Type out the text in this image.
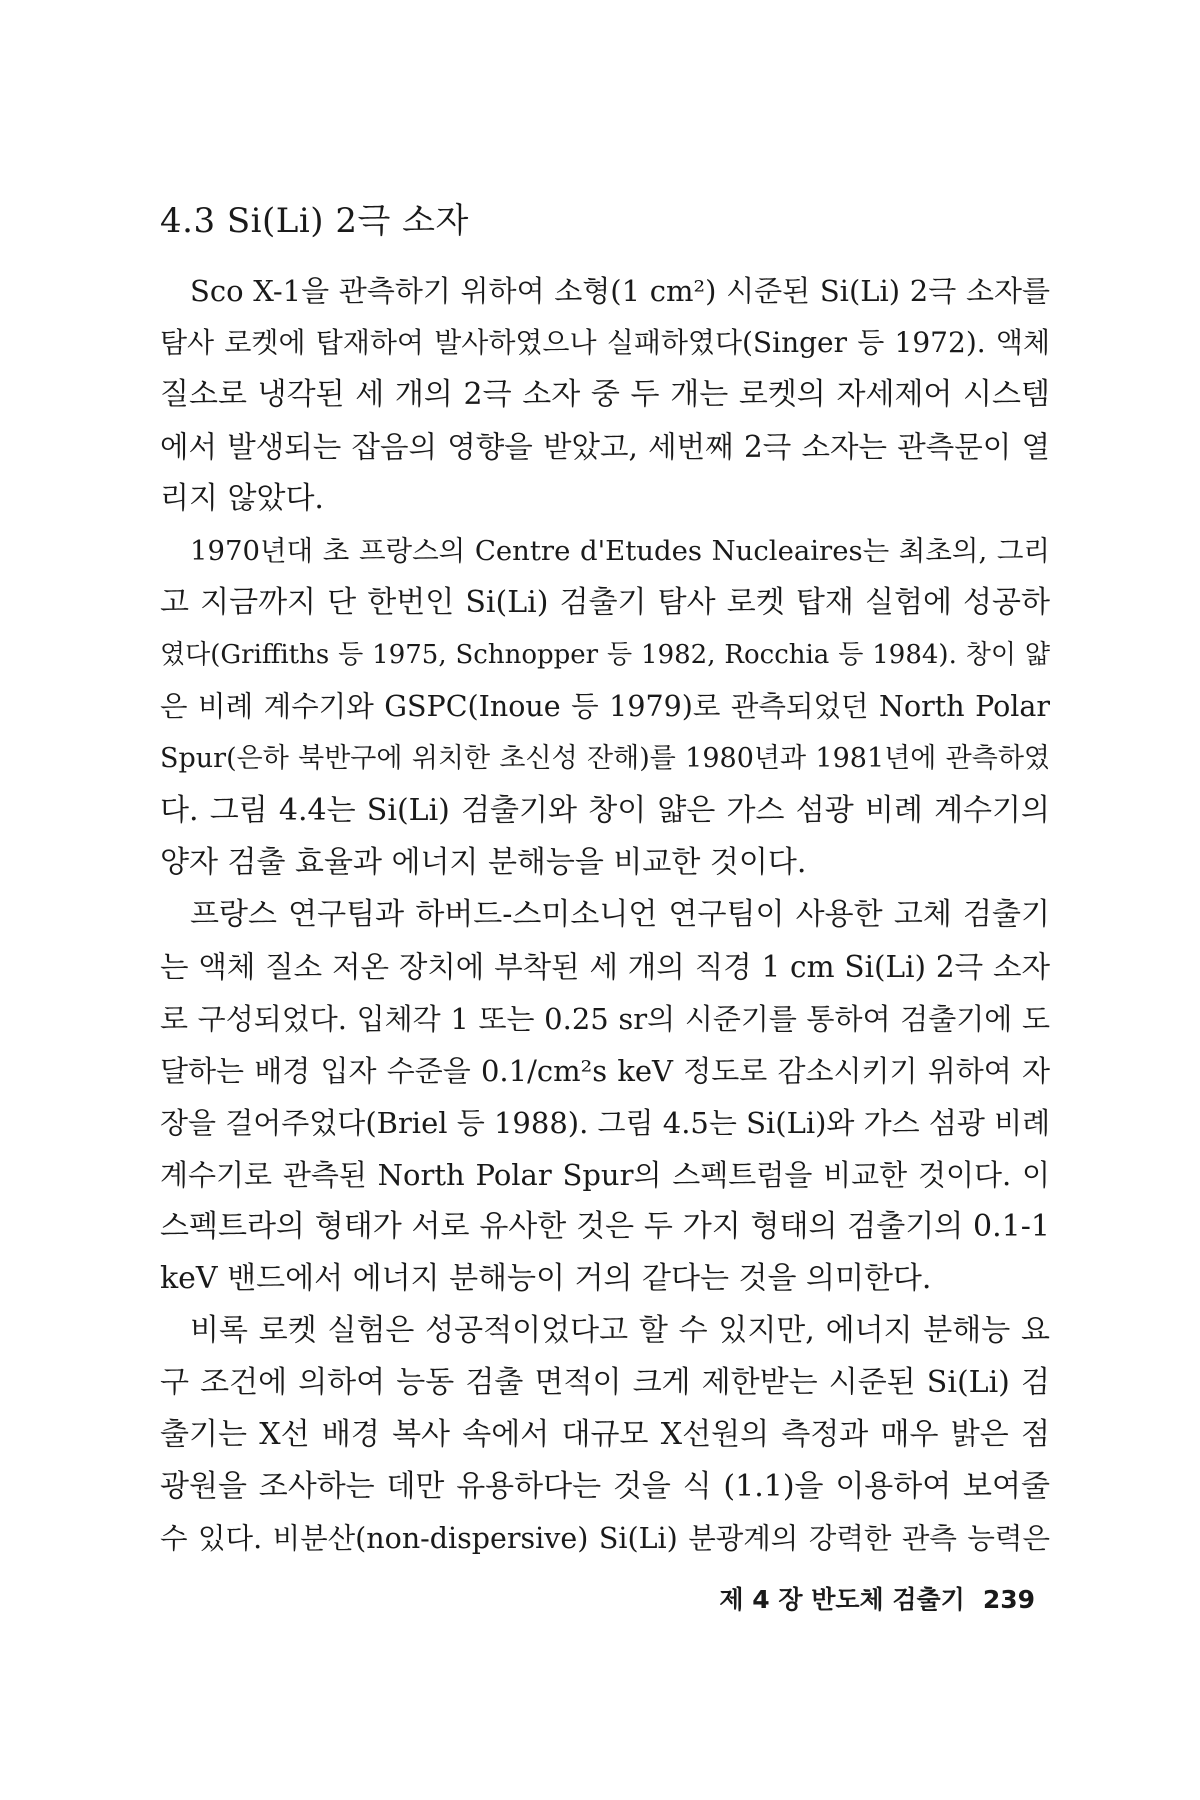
4.3 Si(Li) 2극 소자
Sco X-1을 관측하기 위하여 소형(1 cm²) 시준된 Si(Li) 2극 소자를
탐사 로켓에 탑재하여 발사하였으나 실패하였다(Singer 등 1972). 액체
질소로 냉각된 세 개의 2극 소자 중 두 개는 로켓의 자세제어 시스템
에서 발생되는 잡음의 영향을 받았고, 세번째 2극 소자는 관측문이 열
리지 않았다.
1970년대 초 프랑스의 Centre d'Etudes Nucleaires는 최초의, 그리
고 지금까지 단 한번인 Si(Li) 검출기 탐사 로켓 탑재 실험에 성공하
였다(Griffiths 등 1975, Schnopper 등 1982, Rocchia 등 1984). 창이 얇
은 비례 계수기와 GSPC(Inoue 등 1979)로 관측되었던 North Polar
Spur(은하 북반구에 위치한 초신성 잔해)를 1980년과 1981년에 관측하였
다. 그림 4.4는 Si(Li) 검출기와 창이 얇은 가스 섬광 비례 계수기의
양자 검출 효율과 에너지 분해능을 비교한 것이다.
프랑스 연구팀과 하버드-스미소니언 연구팀이 사용한 고체 검출기
는 액체 질소 저온 장치에 부착된 세 개의 직경 1 cm Si(Li) 2극 소자
로 구성되었다. 입체각 1 또는 0.25 sr의 시준기를 통하여 검출기에 도
달하는 배경 입자 수준을 0.1/cm²s keV 정도로 감소시키기 위하여 자
장을 걸어주었다(Briel 등 1988). 그림 4.5는 Si(Li)와 가스 섬광 비례
계수기로 관측된 North Polar Spur의 스펙트럼을 비교한 것이다. 이
스펙트라의 형태가 서로 유사한 것은 두 가지 형태의 검출기의 0.1-1
keV 밴드에서 에너지 분해능이 거의 같다는 것을 의미한다.
비록 로켓 실험은 성공적이었다고 할 수 있지만, 에너지 분해능 요
구 조건에 의하여 능동 검출 면적이 크게 제한받는 시준된 Si(Li) 검
출기는 X선 배경 복사 속에서 대규모 X선원의 측정과 매우 밝은 점
광원을 조사하는 데만 유용하다는 것을 식 (1.1)을 이용하여 보여줄
수 있다. 비분산(non-dispersive) Si(Li) 분광계의 강력한 관측 능력은
제 4 장 반도체 검출기 239
